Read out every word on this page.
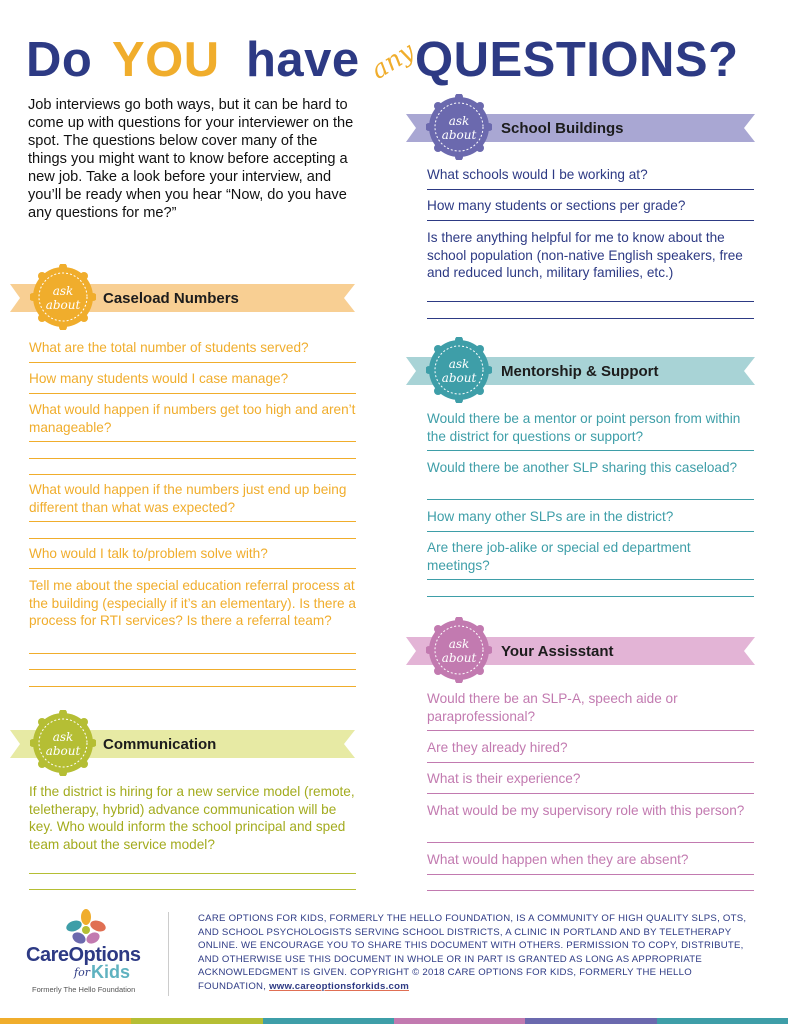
Do YOU have any
QUESTIONS?

Job interviews go both ways, but it can be hard to come up with questions for your interviewer on the spot. The questions below cover many of the things you might want to know before accepting a new job. Take a look before your interview, and you’ll be ready when you hear “Now, do you have any questions for me?”

Caseload Numbers
ask
about
What are the total number of students served?
How many students would I case manage?
What would happen if numbers get too high and aren’t manageable?
What would happen if the numbers just end up being different than what was expected?
Who would I talk to/problem solve with?
Tell me about the special education referral process at the building (especially if it’s an elementary). Is there a process for RTI services? Is there a referral team?
Communication
ask
about
If the district is hiring for a new service model (remote, teletherapy, hybrid) advance communication will be key. Who would inform the school principal and sped team about the service model?
School Buildings
ask
about
What schools would I be working at?
How many students or sections per grade?
Is there anything helpful for me to know about the school population (non-native English speakers, free and reduced lunch, military families, etc.)
Mentorship & Support
ask
about
Would there be a mentor or point person from within the district for questions or support?
Would there be another SLP sharing this caseload?
How many other SLPs are in the district?
Are there job-alike or special ed department meetings?
Your Assisstant
ask
about
Would there be an SLP-A, speech aide or paraprofessional?
Are they already hired?
What is their experience?
What would be my supervisory role with this person?
What would happen when they are absent?
CareOptions
for Kids
Formerly The Hello Foundation
CARE OPTIONS FOR KIDS, FORMERLY THE HELLO FOUNDATION, IS A COMMUNITY OF HIGH QUALITY SLPS, OTS, AND SCHOOL PSYCHOLOGISTS SERVING SCHOOL DISTRICTS, A CLINIC IN PORTLAND AND BY TELETHERAPY ONLINE. WE ENCOURAGE YOU TO SHARE THIS DOCUMENT WITH OTHERS. PERMISSION TO COPY, DISTRIBUTE, AND OTHERWISE USE THIS DOCUMENT IN WHOLE OR IN PART IS GRANTED AS LONG AS APPROPRIATE ACKNOWLEDGMENT IS GIVEN. COPYRIGHT © 2018 CARE OPTIONS FOR KIDS, FORMERLY THE HELLO FOUNDATION, www.careoptionsforkids.com
